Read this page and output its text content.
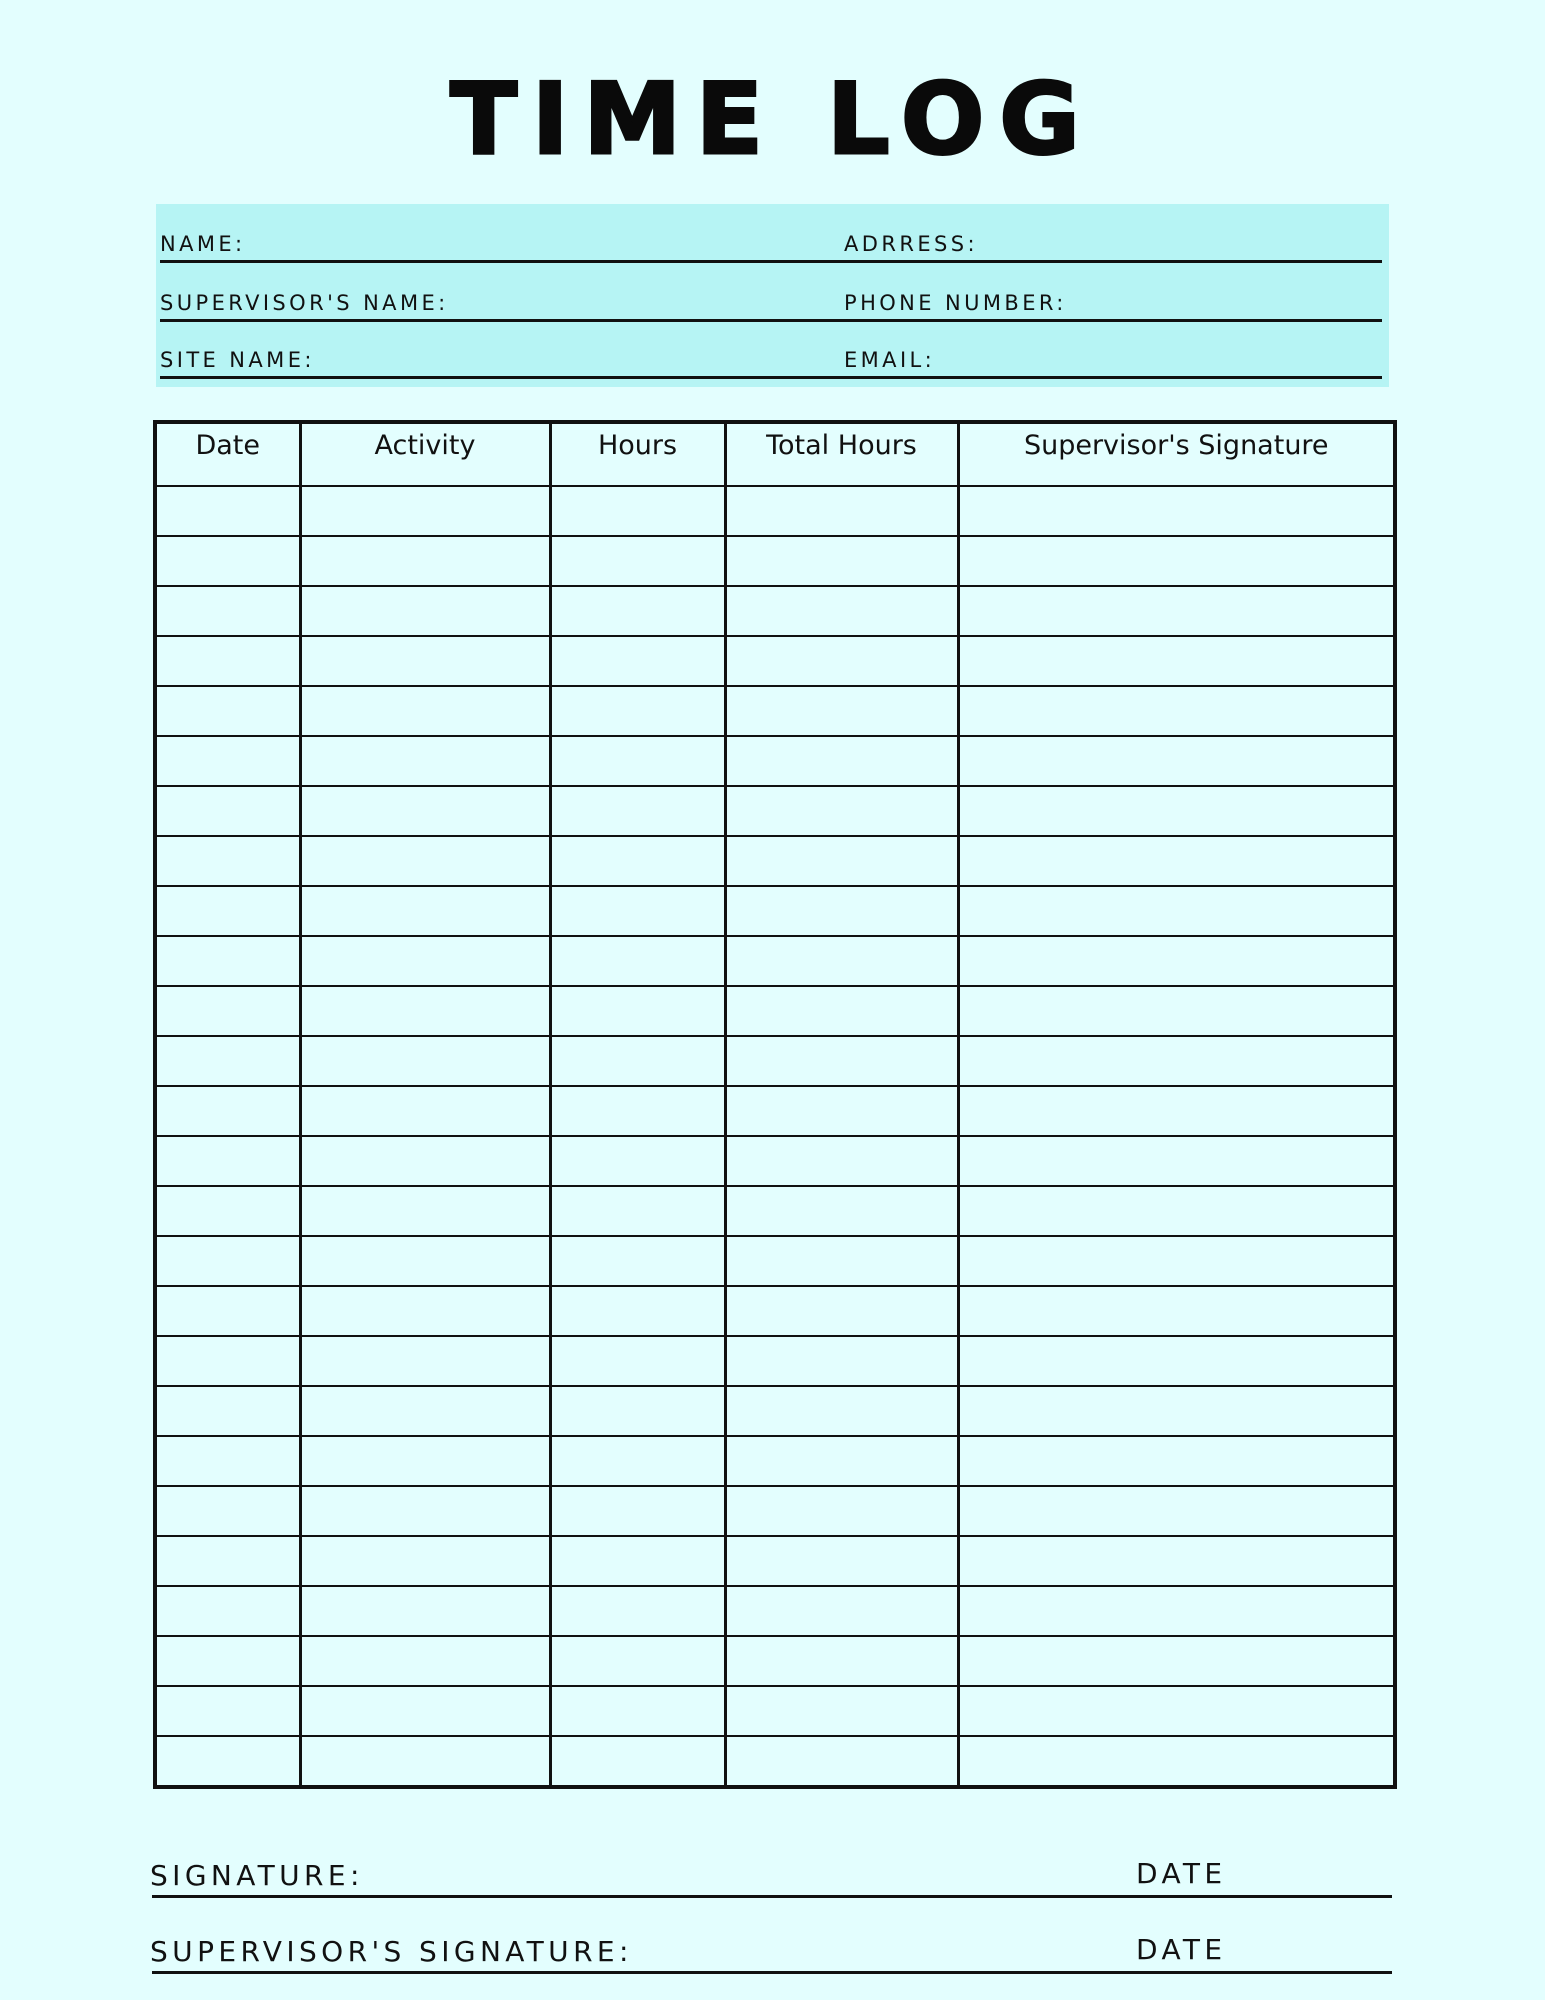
TIME LOG
NAME:	ADRRESS:
SUPERVISOR'S NAME:	PHONE NUMBER:
SITE NAME:	EMAIL:
Date	Activity	Hours	Total Hours	Supervisor's Signature

SIGNATURE:	DATE
SUPERVISOR'S SIGNATURE:	DATE
